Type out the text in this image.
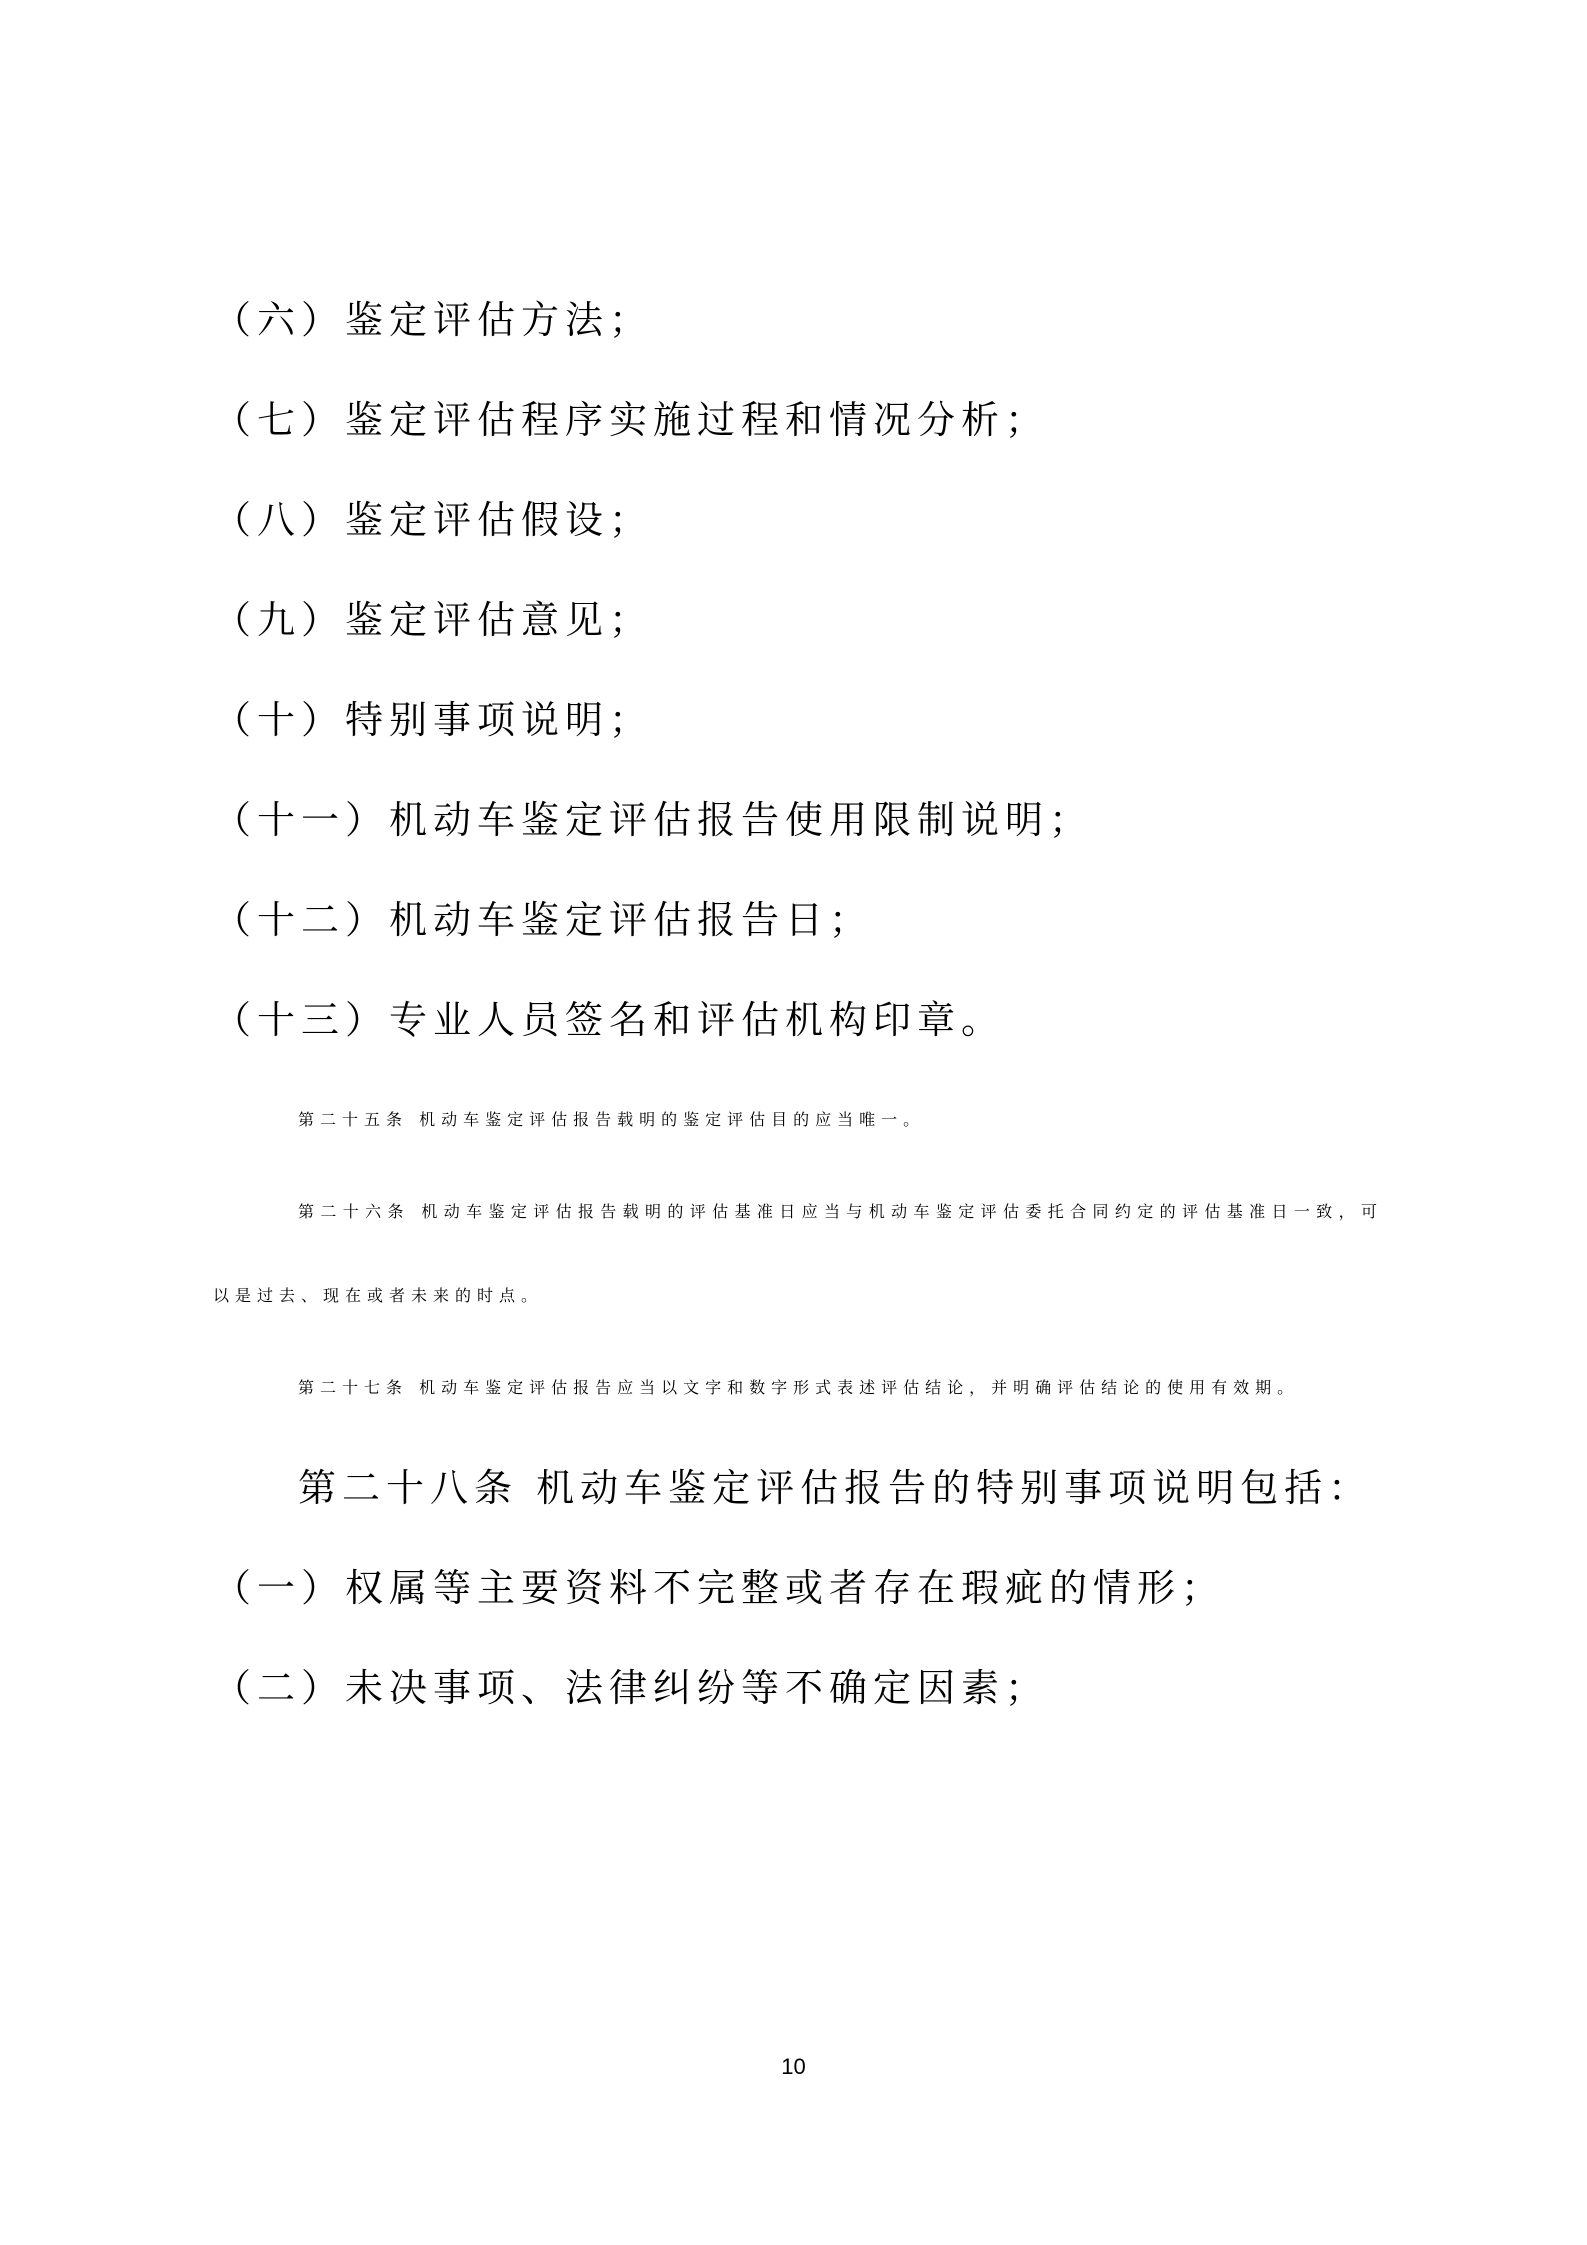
（六）鉴定评估方法；
（七）鉴定评估程序实施过程和情况分析；
（八）鉴定评估假设；
（九）鉴定评估意见；
（十）特别事项说明；
（十一）机动车鉴定评估报告使用限制说明；
（十二）机动车鉴定评估报告日；
（十三）专业人员签名和评估机构印章。
第二十五条 机动车鉴定评估报告载明的鉴定评估目的应当唯一。
第二十六条 机动车鉴定评估报告载明的评估基准日应当与机动车鉴定评估委托合同约定的评估基准日一致，可以是过去、现在或者未来的时点。
第二十七条 机动车鉴定评估报告应当以文字和数字形式表述评估结论，并明确评估结论的使用有效期。
第二十八条 机动车鉴定评估报告的特别事项说明包括：
（一）权属等主要资料不完整或者存在瑕疵的情形；
（二）未决事项、法律纠纷等不确定因素；
10
